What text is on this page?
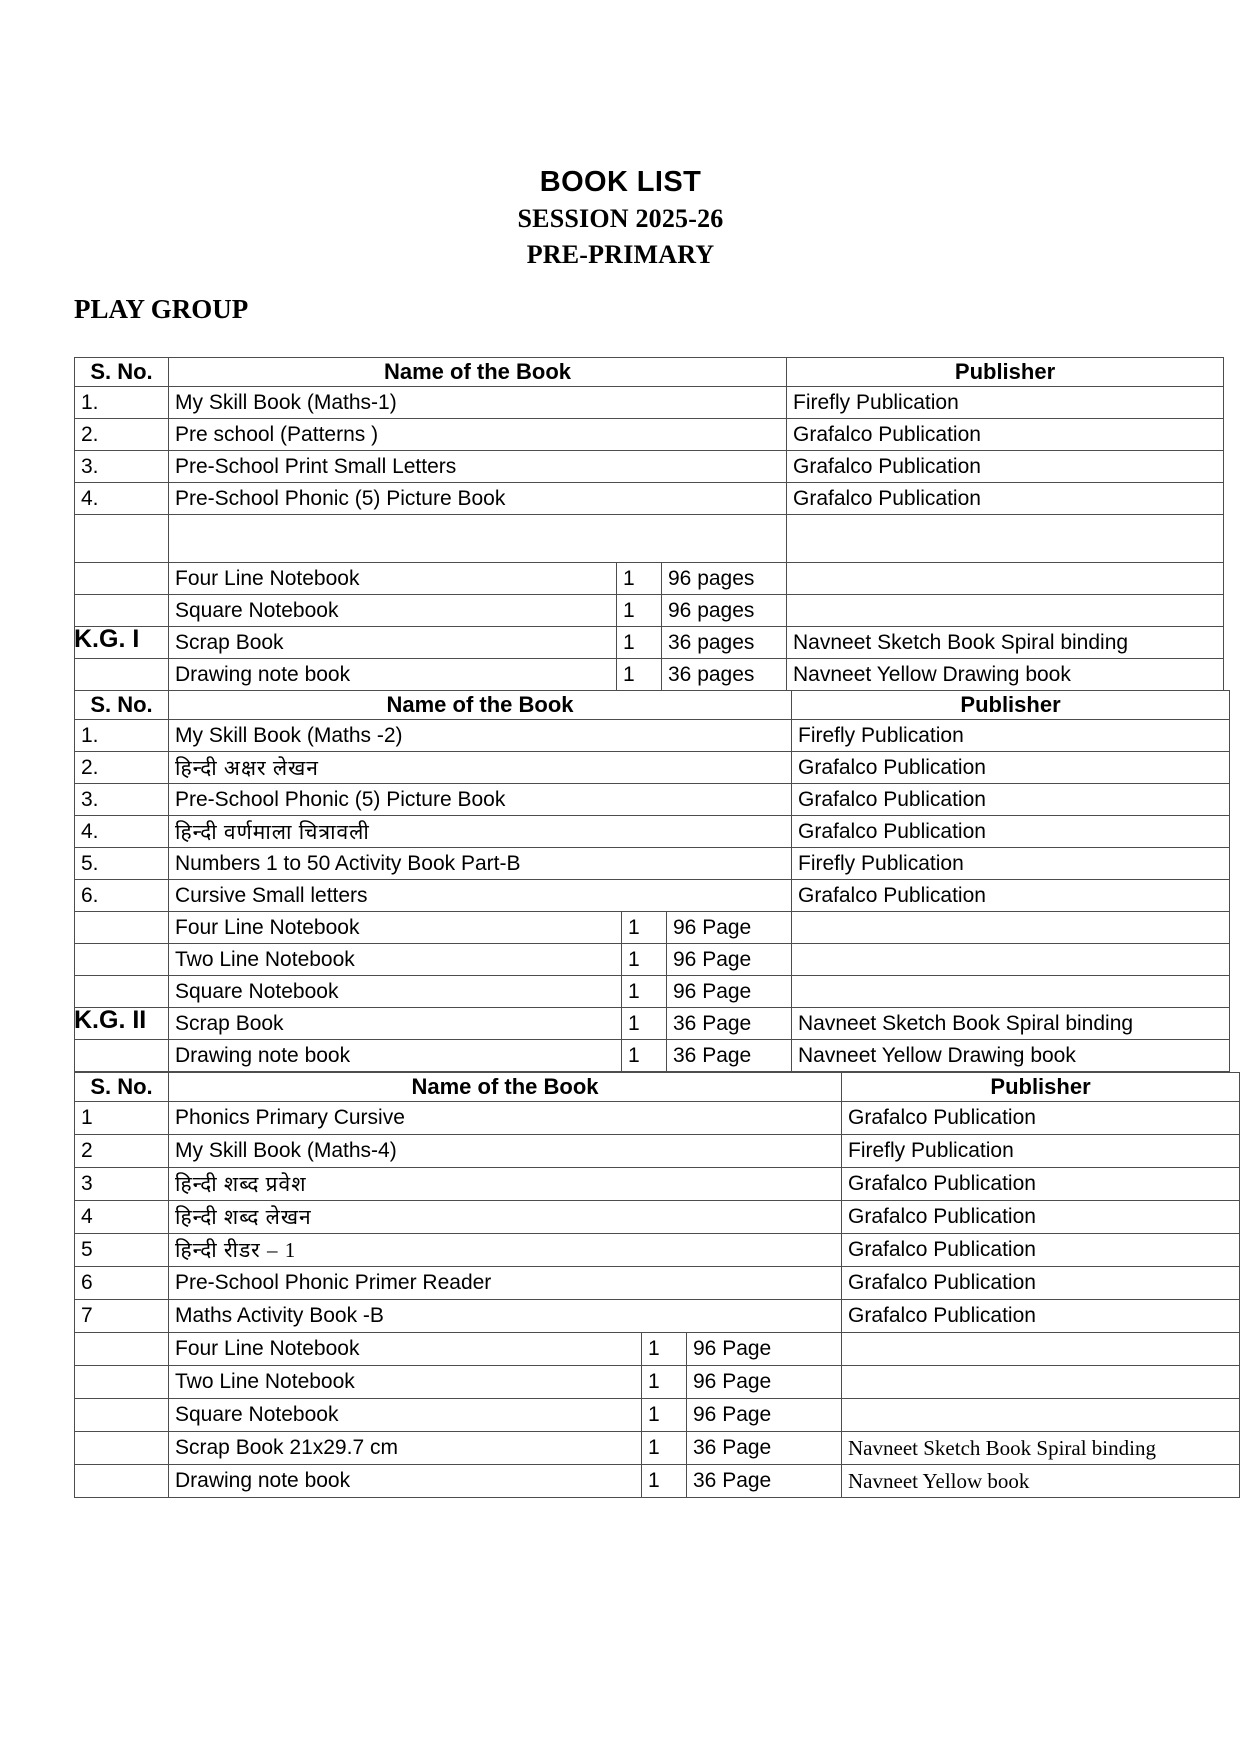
BOOK LIST
SESSION 2025-26
PRE-PRIMARY
PLAY GROUP
S. No.	Name of the Book			Publisher
1.	My Skill Book (Maths-1)			Firefly Publication
2.	Pre school (Patterns )			Grafalco Publication
3.	Pre-School Print Small Letters			Grafalco Publication
4.	Pre-School Phonic (5) Picture Book			Grafalco Publication

	Four Line Notebook	1	96 pages	
	Square Notebook	1	96 pages	
	Scrap Book	1	36 pages	Navneet Sketch Book Spiral binding
	Drawing note book	1	36 pages	Navneet Yellow Drawing book
K.G. I
S. No.	Name of the Book			Publisher
1.	My Skill Book (Maths -2)			Firefly Publication
2.	हिन्दी अक्षर लेखन			Grafalco Publication
3.	Pre-School Phonic (5) Picture Book			Grafalco Publication
4.	हिन्दी वर्णमाला चित्रावली			Grafalco Publication
5.	Numbers 1 to 50 Activity Book Part-B			Firefly Publication
6.	Cursive Small letters			Grafalco Publication
	Four Line Notebook	1	96 Page	
	Two Line Notebook	1	96 Page	
	Square Notebook	1	96 Page	
	Scrap Book	1	36 Page	Navneet Sketch Book Spiral binding
	Drawing note book	1	36 Page	Navneet Yellow Drawing book
K.G. II
S. No.	Name of the Book			Publisher
1	Phonics Primary Cursive			Grafalco Publication
2	My Skill Book (Maths-4)			Firefly Publication
3	हिन्दी शब्द प्रवेश			Grafalco Publication
4	हिन्दी शब्द लेखन			Grafalco Publication
5	हिन्दी रीडर – 1			Grafalco Publication
6	Pre-School Phonic Primer Reader			Grafalco Publication
7	Maths Activity Book -B			Grafalco Publication
	Four Line Notebook	1	96 Page	
	Two Line Notebook	1	96 Page	
	Square Notebook	1	96 Page	
	Scrap Book 21x29.7 cm	1	36 Page	Navneet Sketch Book Spiral binding
	Drawing note book	1	36 Page	Navneet Yellow book
